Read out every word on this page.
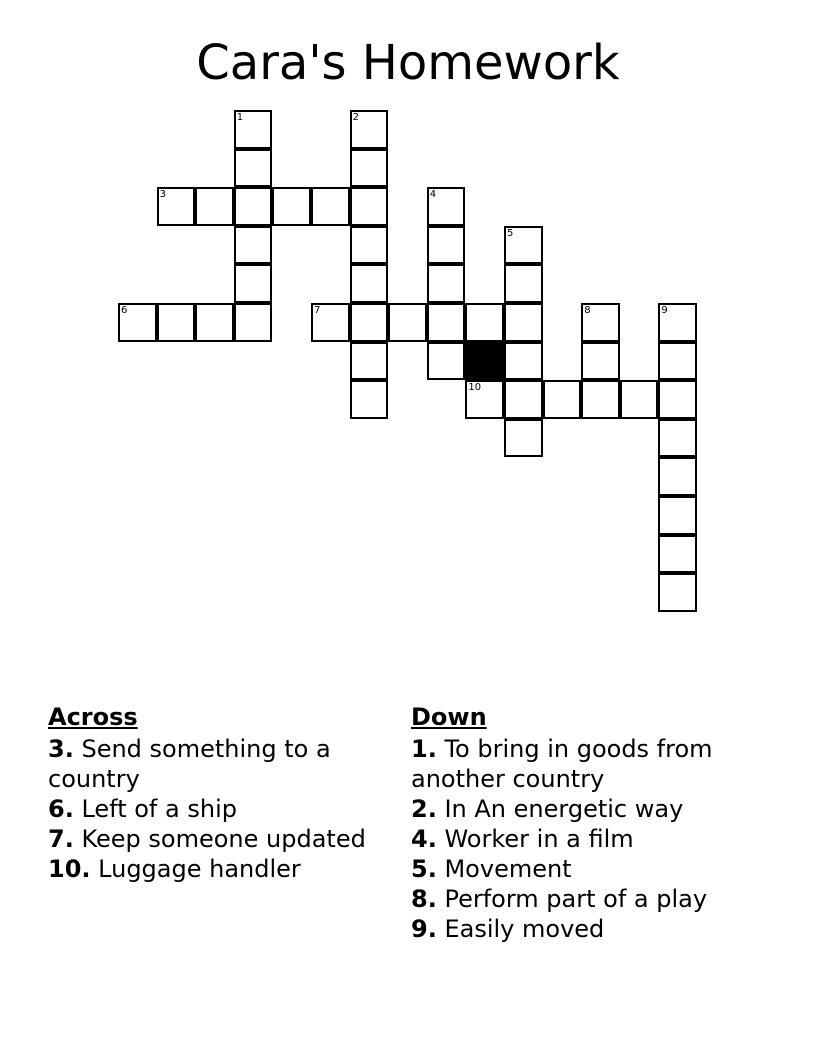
Cara's Homework
1	2
3	4
5
6	7	8	9
10
Across
3. Send something to a country
6. Left of a ship
7. Keep someone updated
10. Luggage handler
Down
1. To bring in goods from another country
2. In An energetic way
4. Worker in a film
5. Movement
8. Perform part of a play
9. Easily moved
